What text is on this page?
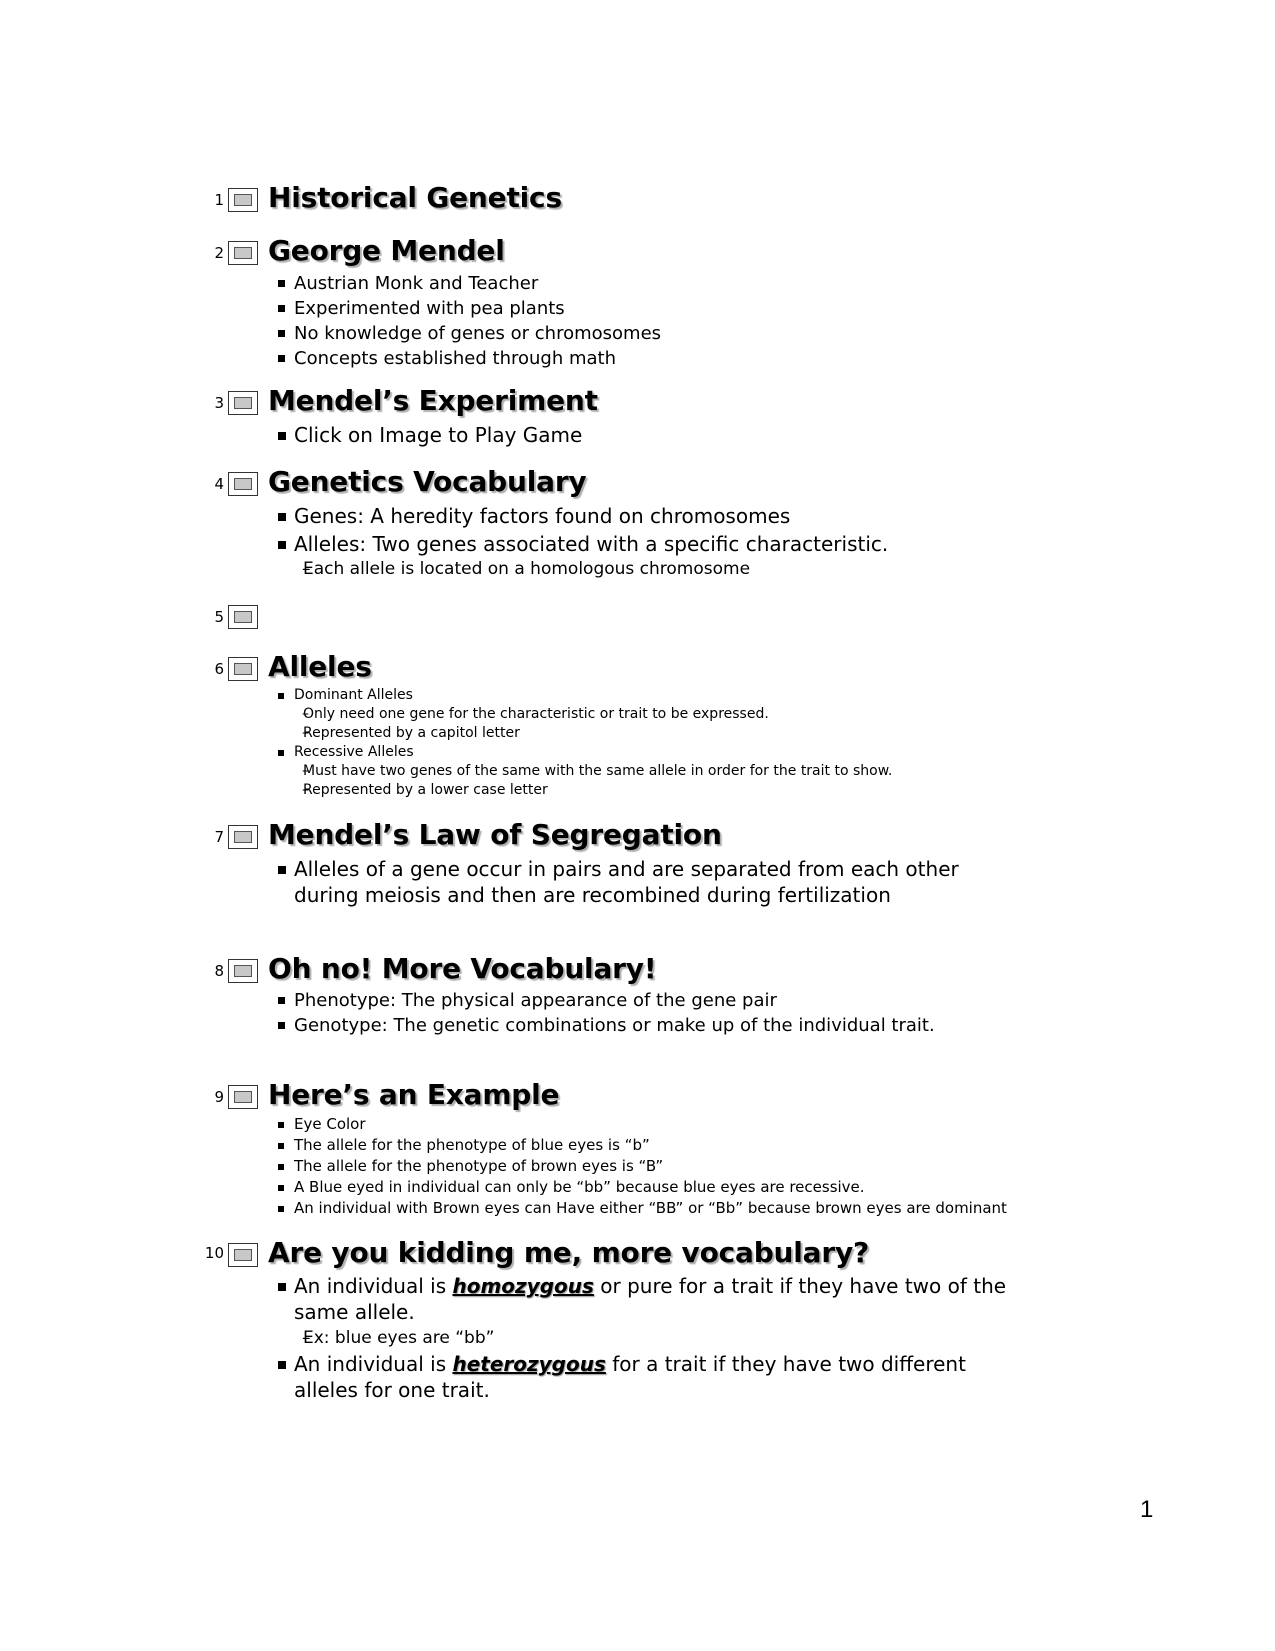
1 Historical Genetics
2 George Mendel
Austrian Monk and Teacher
Experimented with pea plants
No knowledge of genes or chromosomes
Concepts established through math
3 Mendel’s Experiment
Click on Image to Play Game
4 Genetics Vocabulary
Genes: A heredity factors found on chromosomes
Alleles: Two genes associated with a specific characteristic.
– Each allele is located on a homologous chromosome
5
6 Alleles
Dominant Alleles
– Only need one gene for the characteristic or trait to be expressed.
– Represented by a capitol letter
Recessive Alleles
– Must have two genes of the same with the same allele in order for the trait to show.
– Represented by a lower case letter
7 Mendel’s Law of Segregation
Alleles of a gene occur in pairs and are separated from each other during meiosis and then are recombined during fertilization
8 Oh no! More Vocabulary!
Phenotype: The physical appearance of the gene pair
Genotype: The genetic combinations or make up of the individual trait.
9 Here’s an Example
Eye Color
The allele for the phenotype of blue eyes is “b”
The allele for the phenotype of brown eyes is “B”
A Blue eyed in individual can only be “bb” because blue eyes are recessive.
An individual with Brown eyes can Have either “BB” or “Bb” because brown eyes are dominant
10 Are you kidding me, more vocabulary?
An individual is homozygous or pure for a trait if they have two of the same allele.
– Ex: blue eyes are “bb”
An individual is heterozygous for a trait if they have two different alleles for one trait.
1
